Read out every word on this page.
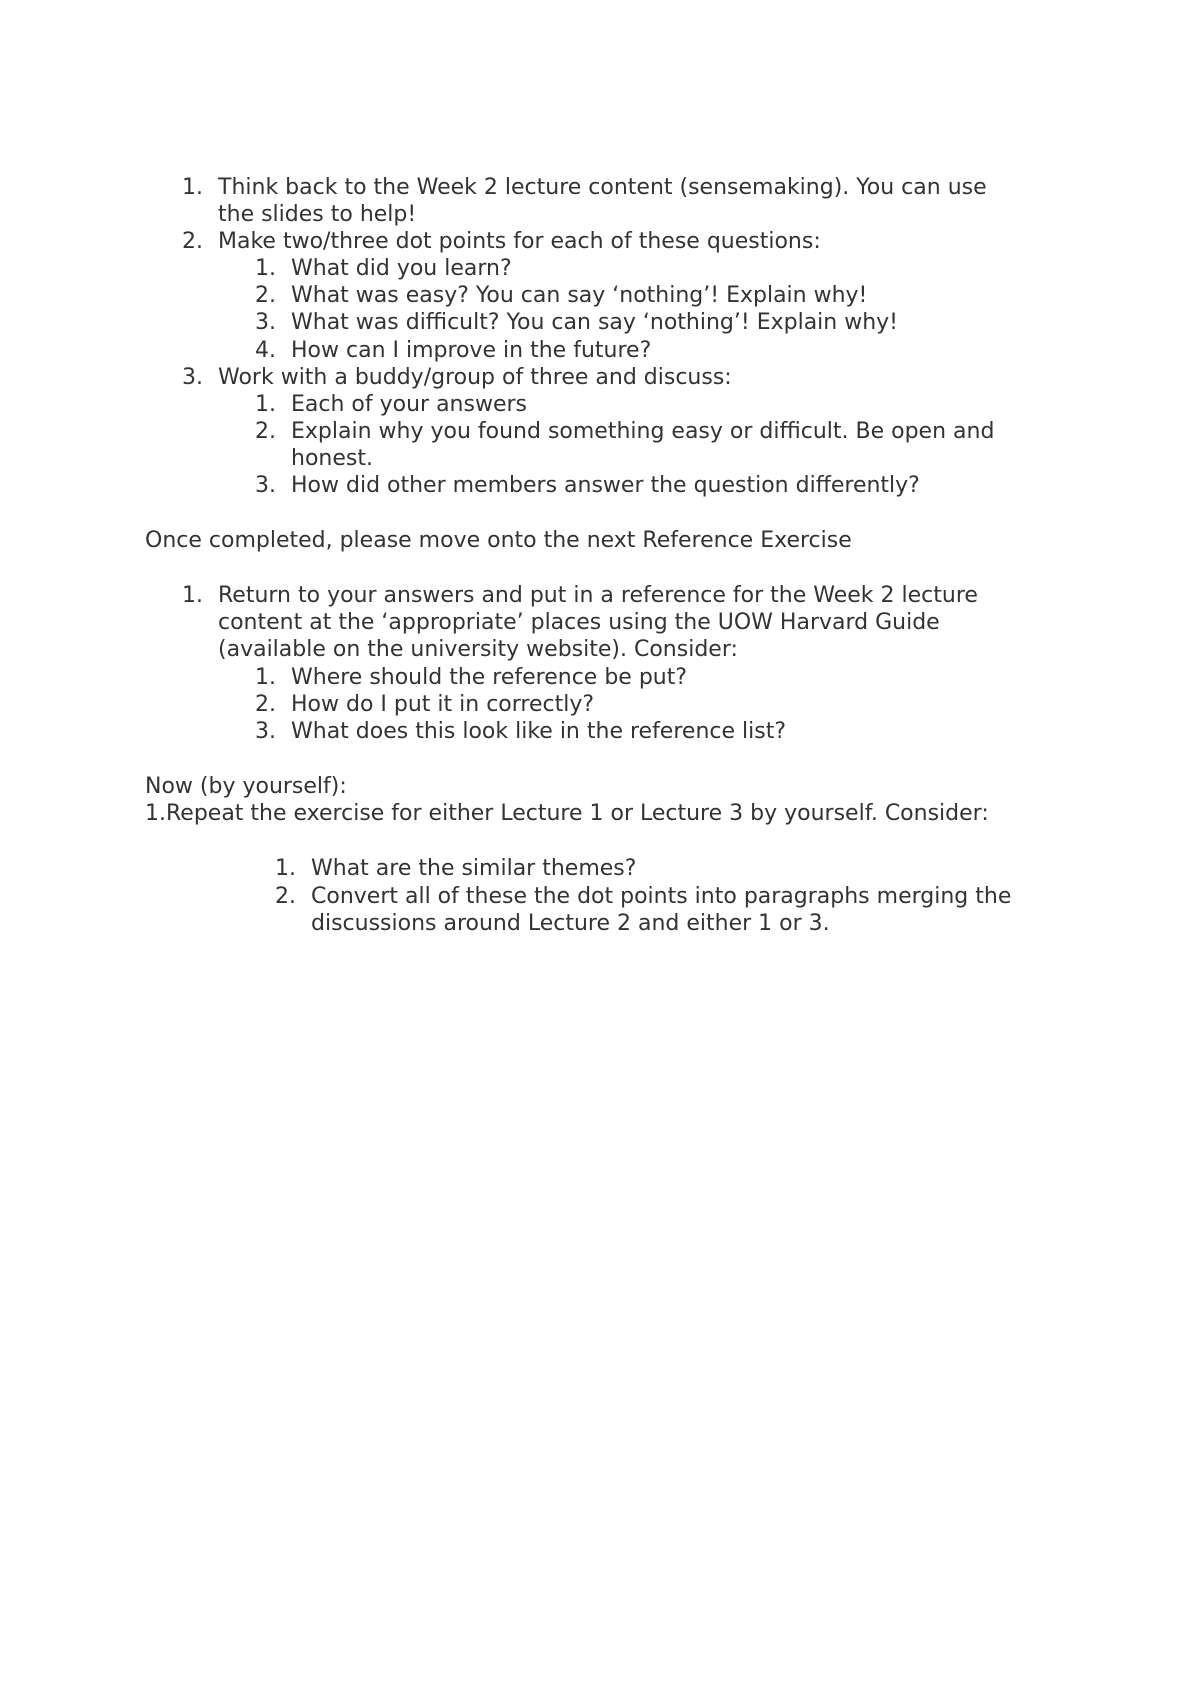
1. Think back to the Week 2 lecture content (sensemaking). You can use
the slides to help!
2. Make two/three dot points for each of these questions:
1. What did you learn?
2. What was easy? You can say ‘nothing’! Explain why!
3. What was difficult? You can say ‘nothing’! Explain why!
4. How can I improve in the future?
3. Work with a buddy/group of three and discuss:
1. Each of your answers
2. Explain why you found something easy or difficult. Be open and
honest.
3. How did other members answer the question differently?
Once completed, please move onto the next Reference Exercise
1. Return to your answers and put in a reference for the Week 2 lecture
content at the ‘appropriate’ places using the UOW Harvard Guide
(available on the university website). Consider:
1. Where should the reference be put?
2. How do I put it in correctly?
3. What does this look like in the reference list?
Now (by yourself):
1.Repeat the exercise for either Lecture 1 or Lecture 3 by yourself. Consider:
1. What are the similar themes?
2. Convert all of these the dot points into paragraphs merging the
discussions around Lecture 2 and either 1 or 3.
